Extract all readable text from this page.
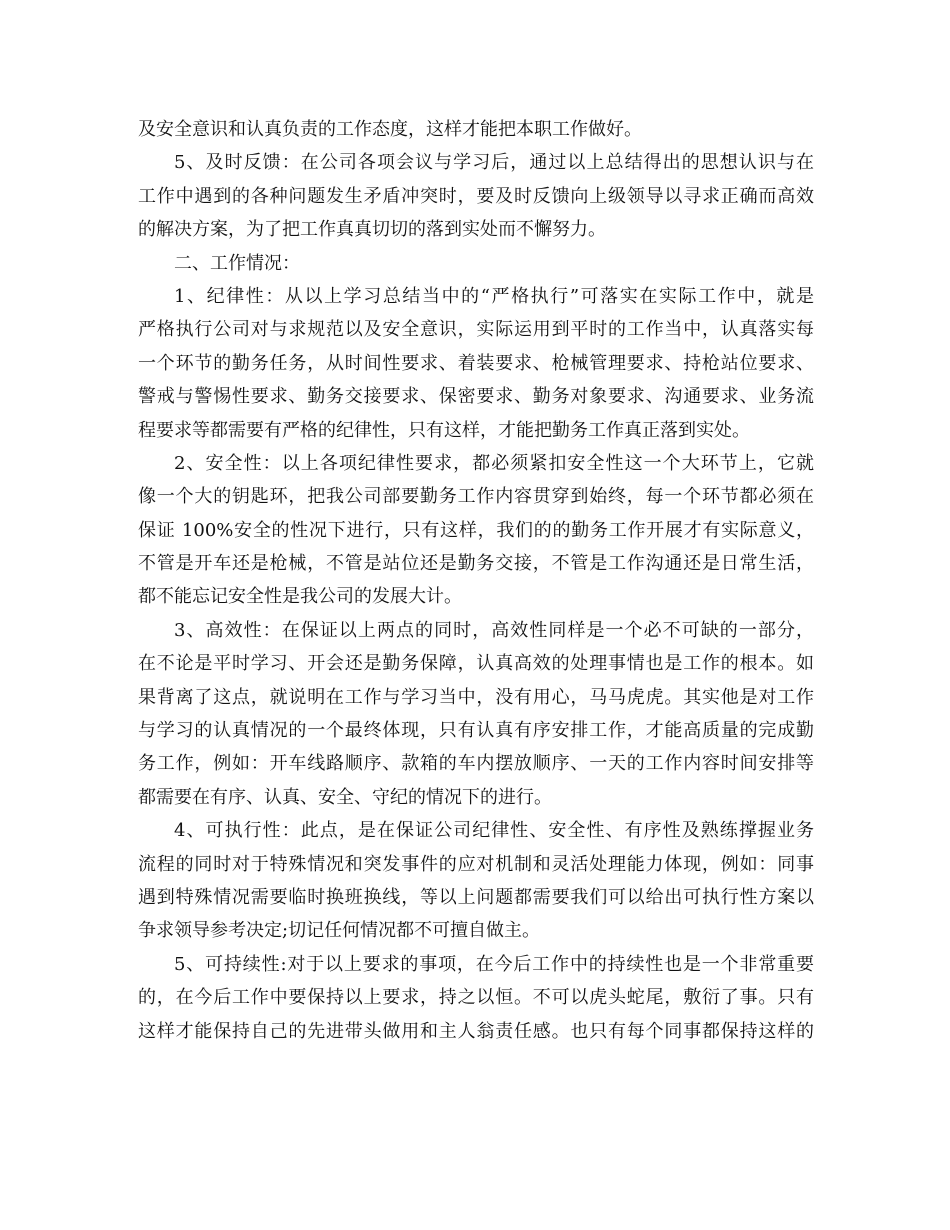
及安全意识和认真负责的工作态度，这样才能把本职工作做好。
5、及时反馈：在公司各项会议与学习后，通过以上总结得出的思想认识与在
工作中遇到的各种问题发生矛盾冲突时，要及时反馈向上级领导以寻求正确而高效
的解决方案，为了把工作真真切切的落到实处而不懈努力。
二、工作情况：
1、纪律性：从以上学习总结当中的“严格执行”可落实在实际工作中，就是
严格执行公司对与求规范以及安全意识，实际运用到平时的工作当中，认真落实每
一个环节的勤务任务，从时间性要求、着装要求、枪械管理要求、持枪站位要求、
警戒与警惕性要求、勤务交接要求、保密要求、勤务对象要求、沟通要求、业务流
程要求等都需要有严格的纪律性，只有这样，才能把勤务工作真正落到实处。
2、安全性：以上各项纪律性要求，都必须紧扣安全性这一个大环节上，它就
像一个大的钥匙环，把我公司部要勤务工作内容贯穿到始终，每一个环节都必须在
保证 100%安全的性况下进行，只有这样，我们的的勤务工作开展才有实际意义，
不管是开车还是枪械，不管是站位还是勤务交接，不管是工作沟通还是日常生活，
都不能忘记安全性是我公司的发展大计。
3、高效性：在保证以上两点的同时，高效性同样是一个必不可缺的一部分，
在不论是平时学习、开会还是勤务保障，认真高效的处理事情也是工作的根本。如
果背离了这点，就说明在工作与学习当中，没有用心，马马虎虎。其实他是对工作
与学习的认真情况的一个最终体现，只有认真有序安排工作，才能高质量的完成勤
务工作，例如：开车线路顺序、款箱的车内摆放顺序、一天的工作内容时间安排等
都需要在有序、认真、安全、守纪的情况下的进行。
4、可执行性：此点，是在保证公司纪律性、安全性、有序性及熟练撑握业务
流程的同时对于特殊情况和突发事件的应对机制和灵活处理能力体现，例如：同事
遇到特殊情况需要临时换班换线，等以上问题都需要我们可以给出可执行性方案以
争求领导参考决定;切记任何情况都不可擅自做主。
5、可持续性:对于以上要求的事项，在今后工作中的持续性也是一个非常重要
的，在今后工作中要保持以上要求，持之以恒。不可以虎头蛇尾，敷衍了事。只有
这样才能保持自己的先进带头做用和主人翁责任感。也只有每个同事都保持这样的
